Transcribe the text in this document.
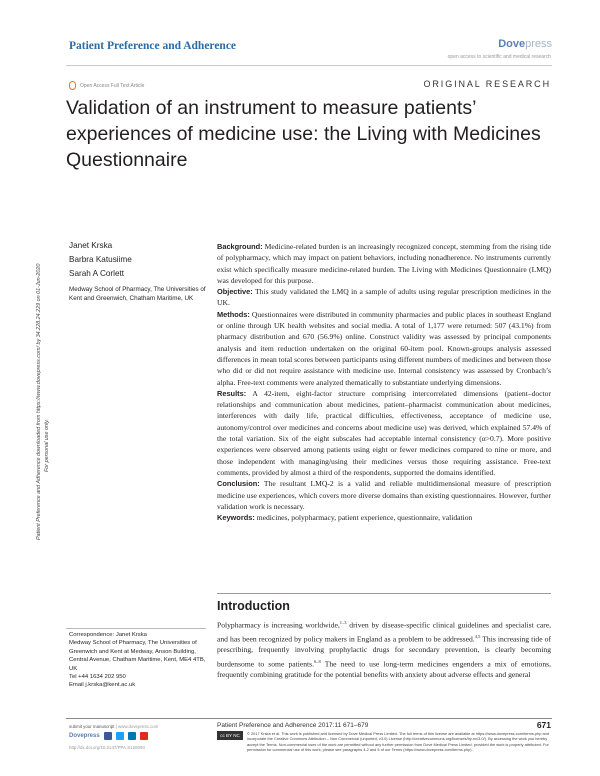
Patient Preference and Adherence	Dovepress
open access to scientific and medical research
Open Access Full Text Article	ORIGINAL RESEARCH
Validation of an instrument to measure patients’ experiences of medicine use: the Living with Medicines Questionnaire
Patient Preference and Adherence downloaded from https://www.dovepress.com/ by 34.228.24.229 on 01-Jun-2020 For personal use only.
Janet Krska
Barbra Katusiime
Sarah A Corlett
Medway School of Pharmacy, The Universities of Kent and Greenwich, Chatham Maritime, UK

Background: Medicine-related burden is an increasingly recognized concept, stemming from the rising tide of polypharmacy, which may impact on patient behaviors, including nonadherence. No instruments currently exist which specifically measure medicine-related burden. The Living with Medicines Questionnaire (LMQ) was developed for this purpose.

Objective: This study validated the LMQ in a sample of adults using regular prescription medicines in the UK.

Methods: Questionnaires were distributed in community pharmacies and public places in southeast England or online through UK health websites and social media. A total of 1,177 were returned: 507 (43.1%) from pharmacy distribution and 670 (56.9%) online. Construct validity was assessed by principal components analysis and item reduction undertaken on the original 60-item pool. Known-groups analysis assessed differences in mean total scores between participants using different numbers of medicines and between those who did or did not require assistance with medicine use. Internal consistency was assessed by Cronbach’s alpha. Free-text comments were analyzed thematically to substantiate underlying dimensions.

Results: A 42-item, eight-factor structure comprising intercorrelated dimensions (patient–doctor relationships and communication about medicines, patient–pharmacist communication about medicines, interferences with daily life, practical difficulties, effectiveness, acceptance of medicine use, autonomy/control over medicines and concerns about medicine use) was derived, which explained 57.4% of the total variation. Six of the eight subscales had acceptable internal consistency (α>0.7). More positive experiences were observed among patients using eight or fewer medicines compared to nine or more, and those independent with managing/using their medicines versus those requiring assistance. Free-text comments, provided by almost a third of the respondents, supported the domains identified.

Conclusion: The resultant LMQ-2 is a valid and reliable multidimensional measure of prescription medicine use experiences, which covers more diverse domains than existing questionnaires. However, further validation work is necessary.

Keywords: medicines, polypharmacy, patient experience, questionnaire, validation

Introduction
Polypharmacy is increasing worldwide,$^{1-3}$ driven by disease-specific clinical guidelines and specialist care, and has been recognized by policy makers in England as a problem to be addressed.$^{4,5}$ This increasing tide of prescribing, frequently involving prophylactic drugs for secondary prevention, is clearly becoming burdensome to some patients.$^{6-8}$ The need to use long-term medicines engenders a mix of emotions, frequently combining gratitude for the potential benefits with anxiety about adverse effects and general
Correspondence: Janet Krska
Medway School of Pharmacy, The Universities of Greenwich and Kent at Medway, Anson Building, Central Avenue, Chatham Maritime, Kent, ME4 4TB, UK
Tel +44 1634 202 950
Email j.krska@kent.ac.uk
submit your manuscript | www.dovepress.com
Dovepress
http://dx.doi.org/10.2147/PPA.S126093
Patient Preference and Adherence 2017:11 671–679	671
cc BY NC	© 2017 Krska et al. This work is published and licensed by Dove Medical Press Limited. The full terms of this license are available at https://www.dovepress.com/terms.php and incorporate the Creative Commons Attribution – Non Commercial (unported, v3.0) License (http://creativecommons.org/licenses/by-nc/3.0/). By accessing the work you hereby accept the Terms. Non-commercial uses of the work are permitted without any further permission from Dove Medical Press Limited, provided the work is properly attributed. For permission for commercial use of this work, please see paragraphs 4.2 and 5 of our Terms (https://www.dovepress.com/terms.php).
